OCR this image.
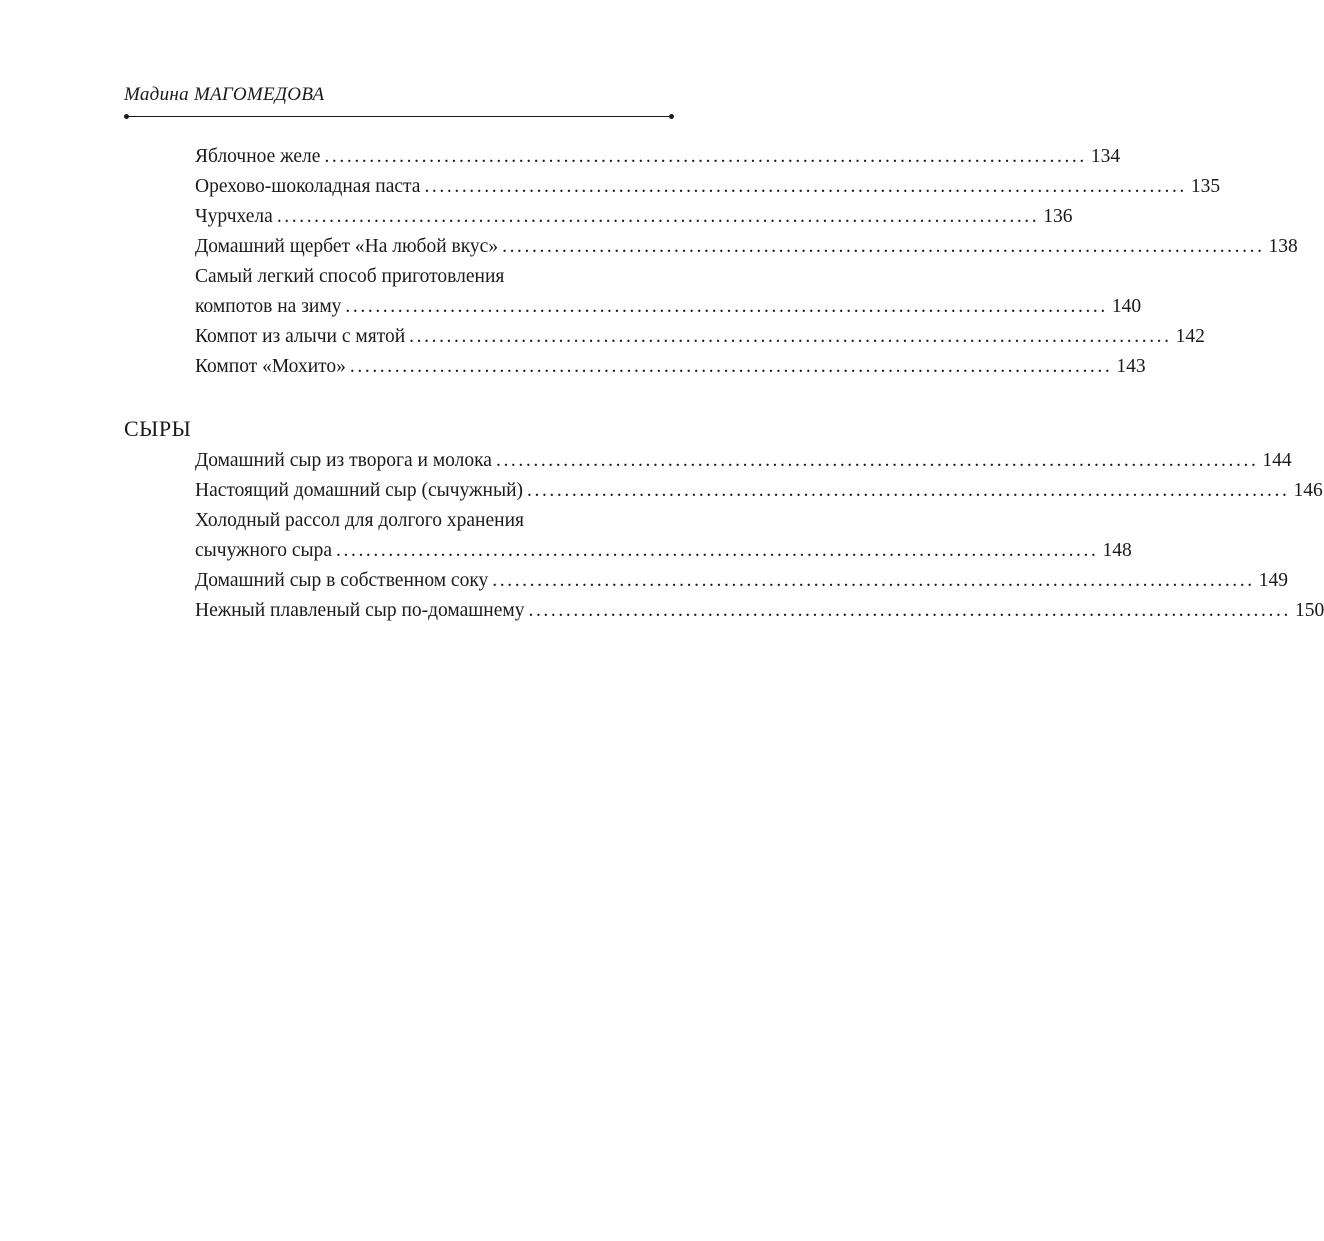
Мадина МАГОМЕДОВА
Яблочное желе ...................................................................................................... 134
Орехово-шоколадная паста ...................................................................................................... 135
Чурчхела ...................................................................................................... 136
Домашний щербет «На любой вкус» ...................................................................................................... 138
Самый легкий способ приготовления
компотов на зиму ...................................................................................................... 140
Компот из алычи с мятой ...................................................................................................... 142
Компот «Мохито» ...................................................................................................... 143
СЫРЫ
Домашний сыр из творога и молока ...................................................................................................... 144
Настоящий домашний сыр (сычужный) ...................................................................................................... 146
Холодный рассол для долгого хранения
сычужного сыра ...................................................................................................... 148
Домашний сыр в собственном соку ...................................................................................................... 149
Нежный плавленый сыр по-домашнему ...................................................................................................... 150
